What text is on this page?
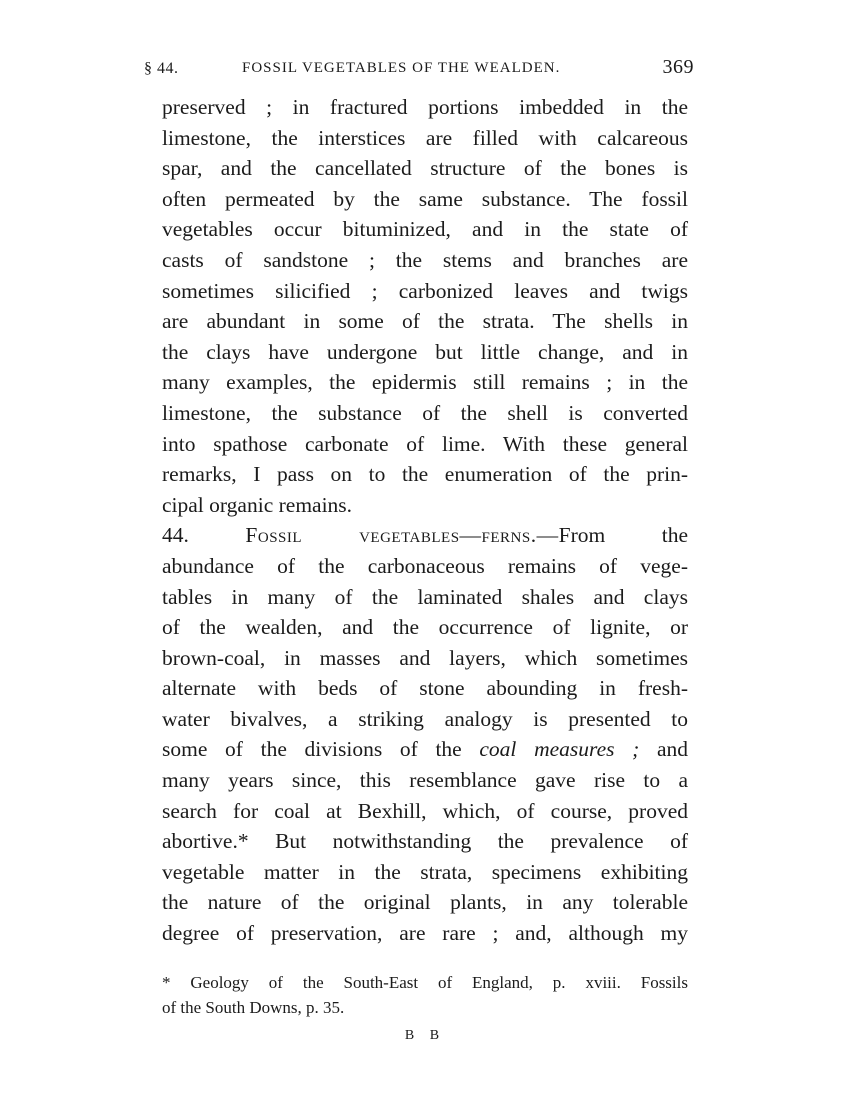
§ 44.	FOSSIL VEGETABLES OF THE WEALDEN.	369
preserved ; in fractured portions imbedded in the
limestone, the interstices are filled with calcareous
spar, and the cancellated structure of the bones is
often permeated by the same substance. The fossil
vegetables occur bituminized, and in the state of
casts of sandstone ; the stems and branches are
sometimes silicified ; carbonized leaves and twigs
are abundant in some of the strata. The shells in
the clays have undergone but little change, and in
many examples, the epidermis still remains ; in the
limestone, the substance of the shell is converted
into spathose carbonate of lime. With these general
remarks, I pass on to the enumeration of the prin-
cipal organic remains.
44.	Fossil vegetables—ferns.—From the
abundance of the carbonaceous remains of vege-
tables in many of the laminated shales and clays
of the wealden, and the occurrence of lignite, or
brown-coal, in masses and layers, which sometimes
alternate with beds of stone abounding in fresh-
water bivalves, a striking analogy is presented to
some of the divisions of the coal measures ; and
many years since, this resemblance gave rise to a
search for coal at Bexhill, which, of course, proved
abortive.* But notwithstanding the prevalence of
vegetable matter in the strata, specimens exhibiting
the nature of the original plants, in any tolerable
degree of preservation, are rare ; and, although my
* Geology of the South-East of England, p. xviii. Fossils
of the South Downs, p. 35.
B B
